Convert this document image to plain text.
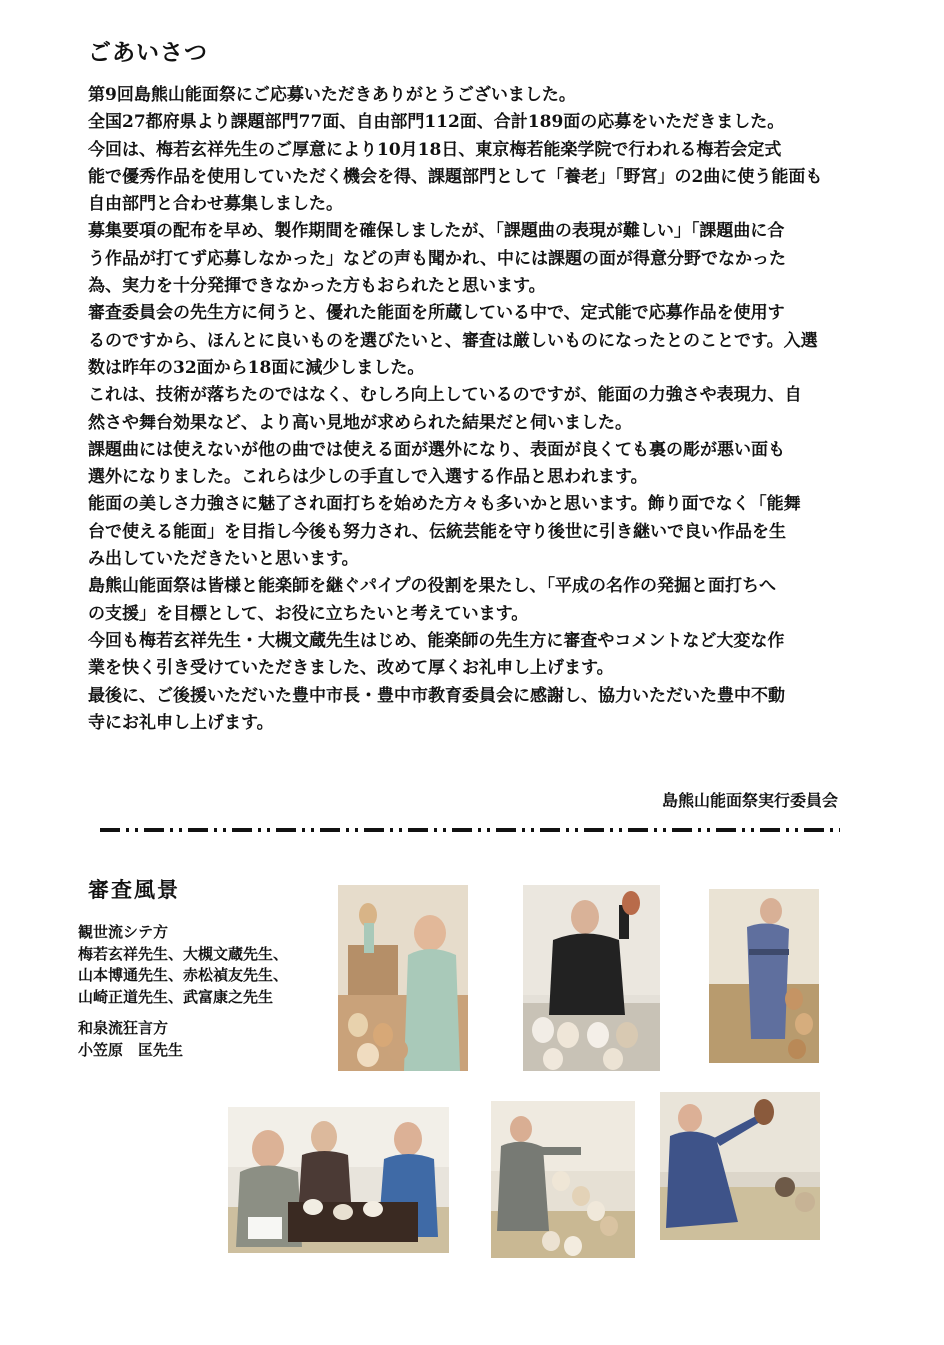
ごあいさつ
第9回島熊山能面祭にご応募いただきありがとうございました。
全国27都府県より課題部門77面、自由部門112面、合計189面の応募をいただきました。
今回は、梅若玄祥先生のご厚意により10月18日、東京梅若能楽学院で行われる梅若会定式
能で優秀作品を使用していただく機会を得、課題部門として「養老」「野宮」の2曲に使う能面も
自由部門と合わせ募集しました。
募集要項の配布を早め、製作期間を確保しましたが、「課題曲の表現が難しい」「課題曲に合
う作品が打てず応募しなかった」などの声も聞かれ、中には課題の面が得意分野でなかった
為、実力を十分発揮できなかった方もおられたと思います。
審査委員会の先生方に伺うと、優れた能面を所蔵している中で、定式能で応募作品を使用す
るのですから、ほんとに良いものを選びたいと、審査は厳しいものになったとのことです。入選
数は昨年の32面から18面に減少しました。
これは、技術が落ちたのではなく、むしろ向上しているのですが、能面の力強さや表現力、自
然さや舞台効果など、より高い見地が求められた結果だと伺いました。
課題曲には使えないが他の曲では使える面が選外になり、表面が良くても裏の彫が悪い面も
選外になりました。これらは少しの手直しで入選する作品と思われます。
能面の美しさ力強さに魅了され面打ちを始めた方々も多いかと思います。飾り面でなく「能舞
台で使える能面」を目指し今後も努力され、伝統芸能を守り後世に引き継いで良い作品を生
み出していただきたいと思います。
島熊山能面祭は皆様と能楽師を継ぐパイプの役割を果たし、「平成の名作の発掘と面打ちへ
の支援」を目標として、お役に立ちたいと考えています。
今回も梅若玄祥先生・大槻文蔵先生はじめ、能楽師の先生方に審査やコメントなど大変な作
業を快く引き受けていただきました、改めて厚くお礼申し上げます。
最後に、ご後援いただいた豊中市長・豊中市教育委員会に感謝し、協力いただいた豊中不動
寺にお礼申し上げます。
島熊山能面祭実行委員会
審査風景
観世流シテ方
梅若玄祥先生、大槻文蔵先生、
山本博通先生、赤松禎友先生、
山崎正道先生、武富康之先生
和泉流狂言方
小笠原　匡先生
